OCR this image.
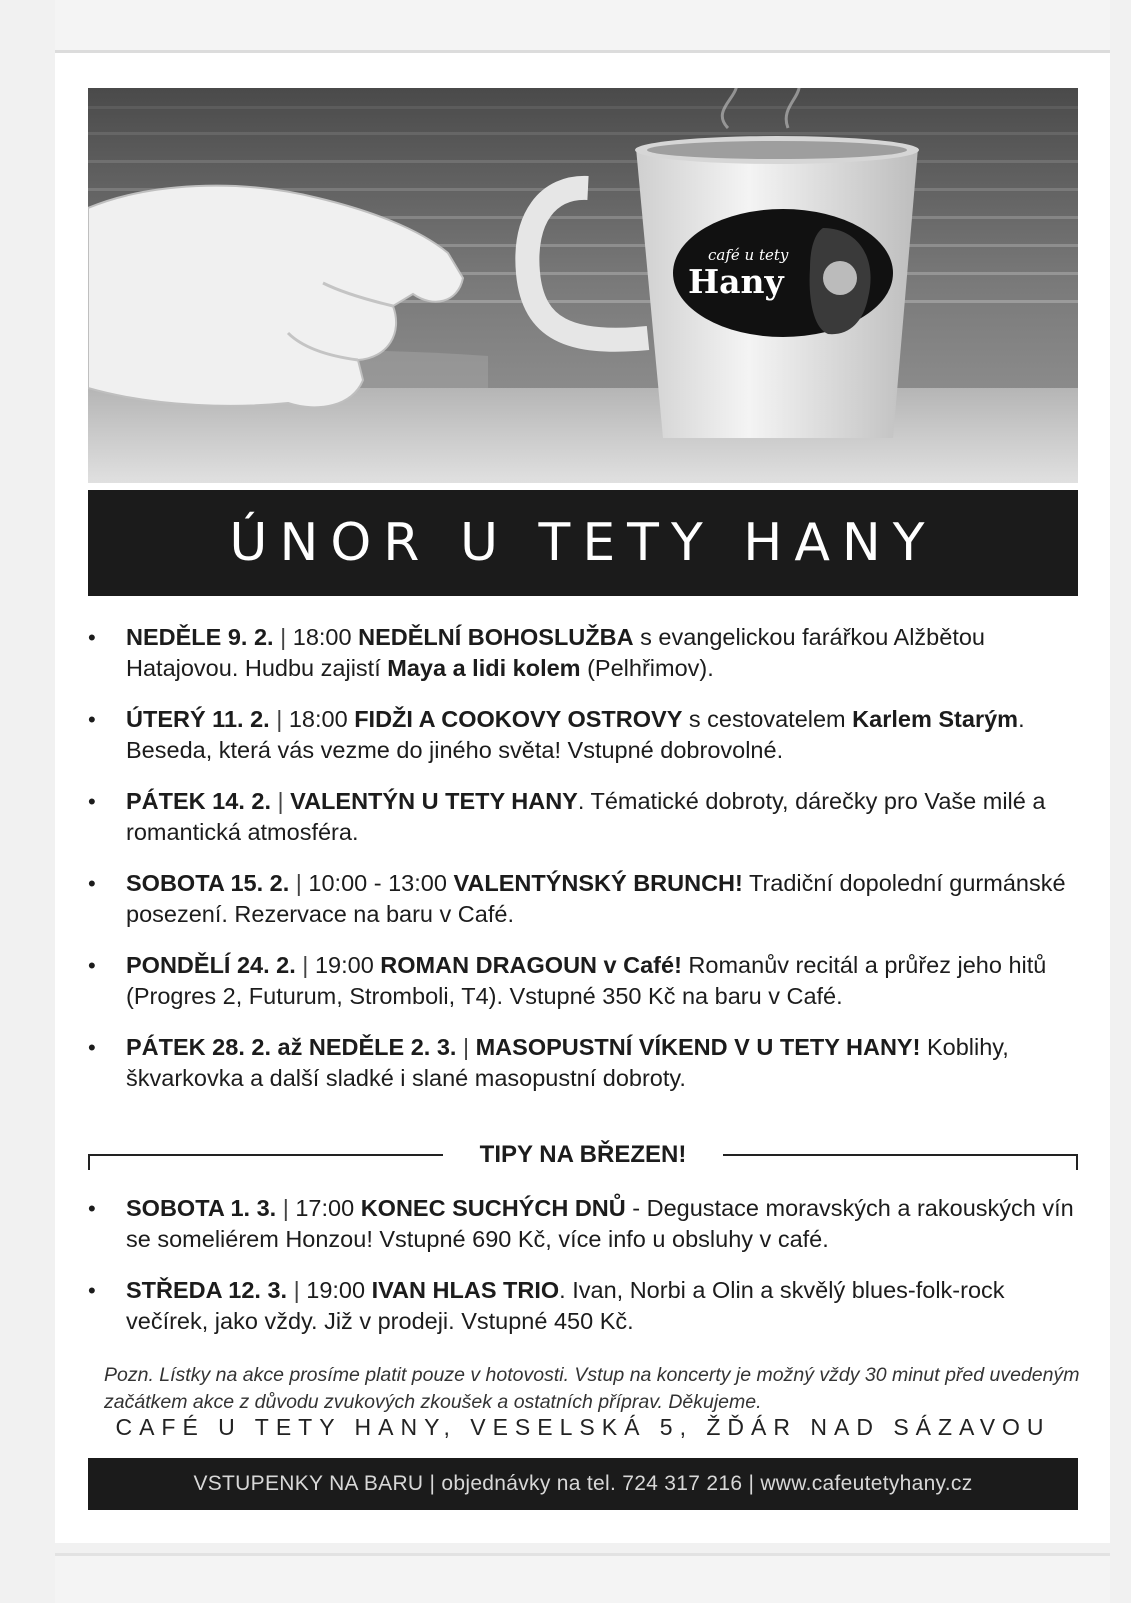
café u tety
Hany
ÚNOR U TETY HANY
• NEDĚLE 9. 2. | 18:00 NEDĚLNÍ BOHOSLUŽBA s evangelickou farářkou Alžbětou Hatajovou. Hudbu zajistí Maya a lidi kolem (Pelhřimov).
• ÚTERÝ 11. 2. | 18:00 FIDŽI A COOKOVY OSTROVY s cestovatelem Karlem Starým. Beseda, která vás vezme do jiného světa! Vstupné dobrovolné.
• PÁTEK 14. 2. | VALENTÝN U TETY HANY. Tématické dobroty, dárečky pro Vaše milé a romantická atmosféra.
• SOBOTA 15. 2. | 10:00 - 13:00 VALENTÝNSKÝ BRUNCH! Tradiční dopolední gurmánské posezení. Rezervace na baru v Café.
• PONDĚLÍ 24. 2. | 19:00 ROMAN DRAGOUN v Café! Romanův recitál a průřez jeho hitů (Progres 2, Futurum, Stromboli, T4). Vstupné 350 Kč na baru v Café.
• PÁTEK 28. 2. až NEDĚLE 2. 3. | MASOPUSTNÍ VÍKEND V U TETY HANY! Koblihy, škvarkovka a další sladké i slané masopustní dobroty.
TIPY NA BŘEZEN!
• SOBOTA 1. 3. | 17:00 KONEC SUCHÝCH DNŮ - Degustace moravských a rakouských vín se someliérem Honzou! Vstupné 690 Kč, více info u obsluhy v café.
• STŘEDA 12. 3. | 19:00 IVAN HLAS TRIO. Ivan, Norbi a Olin a skvělý blues-folk-rock večírek, jako vždy. Již v prodeji. Vstupné 450 Kč.
Pozn. Lístky na akce prosíme platit pouze v hotovosti. Vstup na koncerty je možný vždy 30 minut před uvedeným začátkem akce z důvodu zvukových zkoušek a ostatních příprav. Děkujeme.
CAFÉ U TETY HANY, VESELSKÁ 5, ŽĎÁR NAD SÁZAVOU
VSTUPENKY NA BARU | objednávky na tel. 724 317 216 | www.cafeutetyhany.cz
